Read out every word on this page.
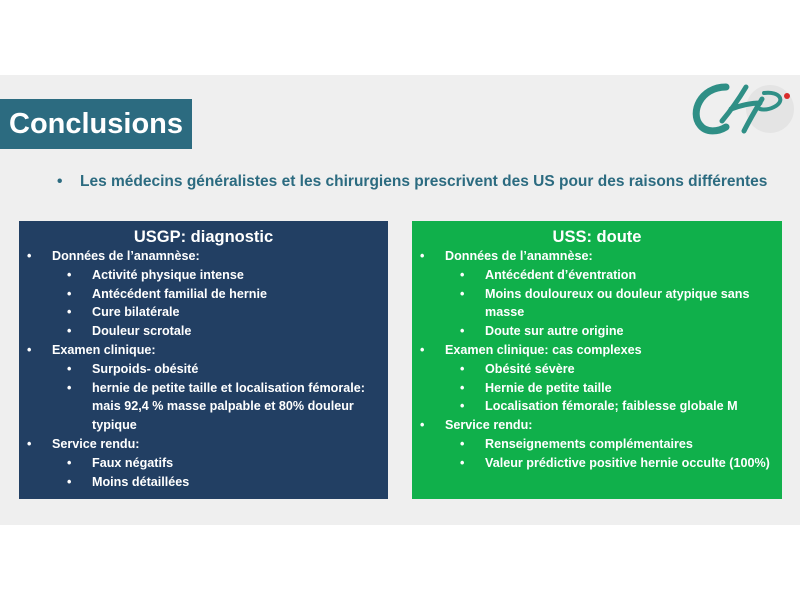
Conclusions
•	Les médecins généralistes et les chirurgiens prescrivent des US pour des raisons différentes
USGP: diagnostic
• Données de l’anamnèse:
• Activité physique intense
• Antécédent familial de hernie
• Cure bilatérale
• Douleur scrotale
• Examen clinique:
• Surpoids- obésité
• hernie de petite taille et localisation fémorale: mais 92,4 % masse palpable et 80% douleur typique
• Service rendu:
• Faux négatifs
• Moins détaillées
USS: doute
• Données de l’anamnèse:
• Antécédent d’éventration
• Moins douloureux ou douleur atypique sans masse
• Doute sur autre origine
• Examen clinique: cas complexes
• Obésité sévère
• Hernie de petite taille
• Localisation fémorale; faiblesse globale M
• Service rendu:
• Renseignements complémentaires
• Valeur prédictive positive hernie occulte (100%)
